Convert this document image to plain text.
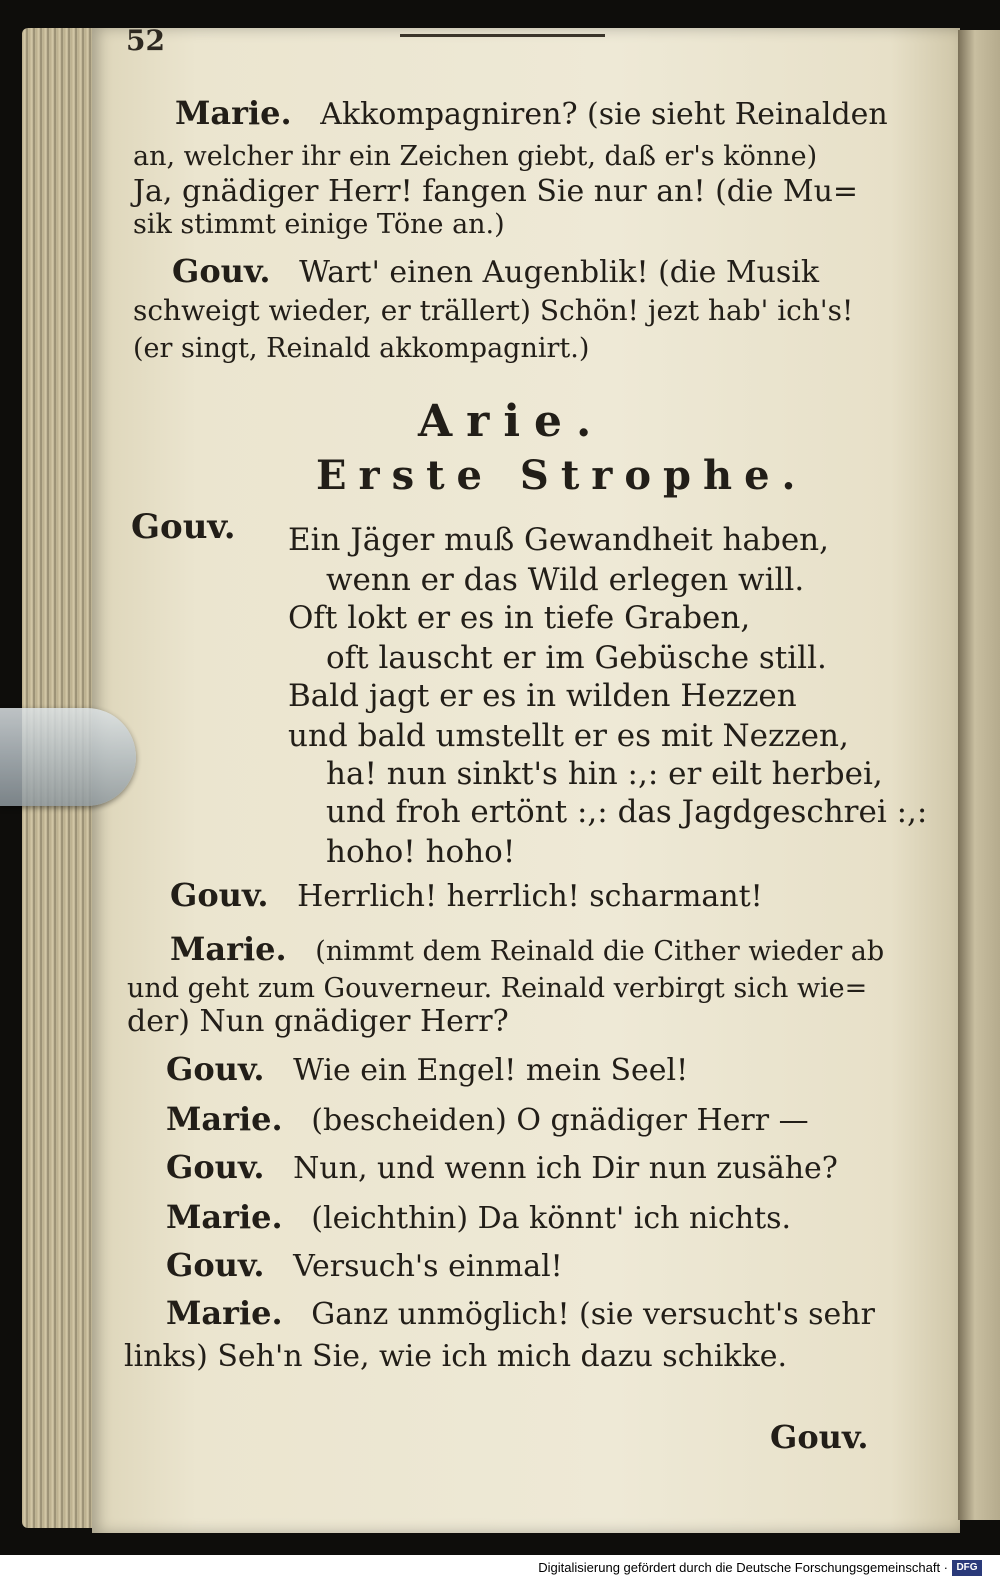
52
Marie. Akkompagniren? (sie sieht Reinalden
an, welcher ihr ein Zeichen giebt, daß er's könne)
Ja, gnädiger Herr! fangen Sie nur an! (die Mu=
sik stimmt einige Töne an.)
Gouv. Wart' einen Augenblik! (die Musik
schweigt wieder, er trällert) Schön! jezt hab' ich's!
(er singt, Reinald akkompagnirt.)
Arie.
Erste Strophe.
Gouv. Ein Jäger muß Gewandheit haben,
wenn er das Wild erlegen will.
Oft lokt er es in tiefe Graben,
oft lauscht er im Gebüsche still.
Bald jagt er es in wilden Hezzen
und bald umstellt er es mit Nezzen,
ha! nun sinkt's hin :,: er eilt herbei,
und froh ertönt :,: das Jagdgeschrei :,:
hoho! hoho!
Gouv. Herrlich! herrlich! scharmant!
Marie. (nimmt dem Reinald die Cither wieder ab
und geht zum Gouverneur. Reinald verbirgt sich wie=
der) Nun gnädiger Herr?
Gouv. Wie ein Engel! mein Seel!
Marie. (bescheiden) O gnädiger Herr —
Gouv. Nun, und wenn ich Dir nun zusähe?
Marie. (leichthin) Da könnt' ich nichts.
Gouv. Versuch's einmal!
Marie. Ganz unmöglich! (sie versucht's sehr
links) Seh'n Sie, wie ich mich dazu schikke.
Gouv.
Digitalisierung gefördert durch die Deutsche Forschungsgemeinschaft · DFG
